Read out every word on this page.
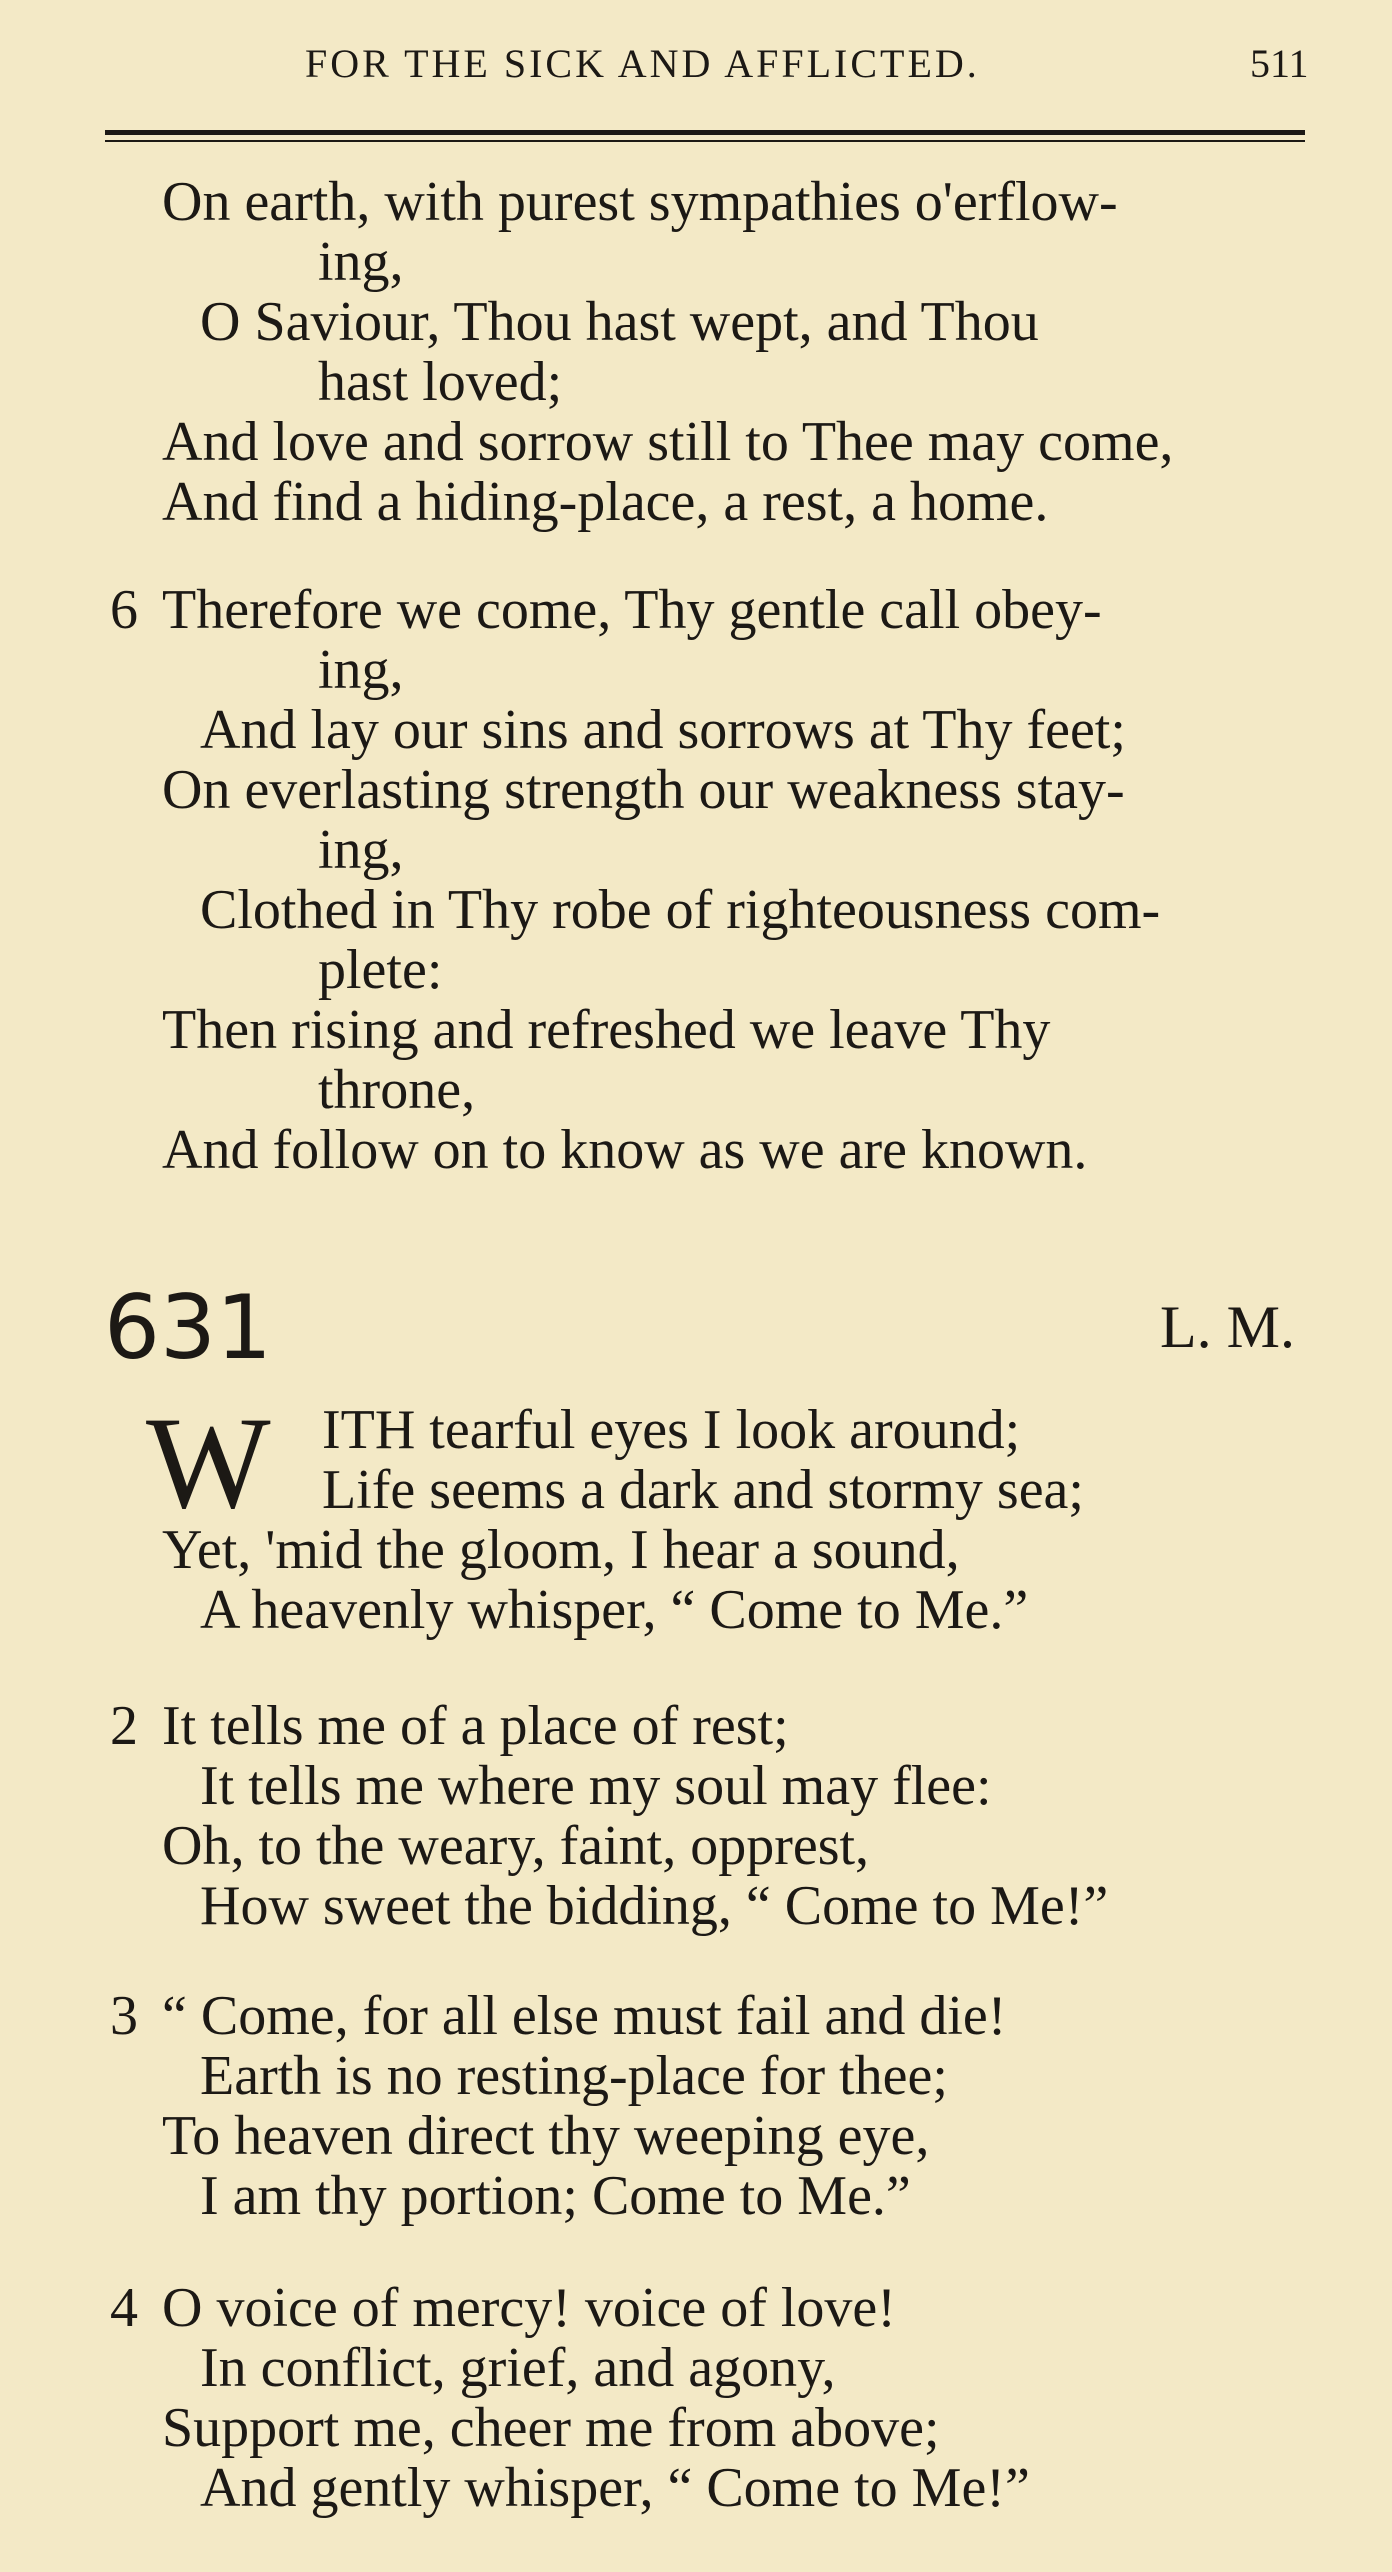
FOR THE SICK AND AFFLICTED.	511
On earth, with purest sympathies o'erflow-
ing,
O Saviour, Thou hast wept, and Thou
hast loved;
And love and sorrow still to Thee may come,
And find a hiding-place, a rest, a home.
6 Therefore we come, Thy gentle call obey-
ing,
And lay our sins and sorrows at Thy feet;
On everlasting strength our weakness stay-
ing,
Clothed in Thy robe of righteousness com-
plete:
Then rising and refreshed we leave Thy
throne,
And follow on to know as we are known.
631	L. M.
W ITH tearful eyes I look around;
Life seems a dark and stormy sea;
Yet, 'mid the gloom, I hear a sound,
A heavenly whisper, “ Come to Me.”
2 It tells me of a place of rest;
It tells me where my soul may flee:
Oh, to the weary, faint, opprest,
How sweet the bidding, “ Come to Me!”
3 “ Come, for all else must fail and die!
Earth is no resting-place for thee;
To heaven direct thy weeping eye,
I am thy portion; Come to Me.”
4 O voice of mercy! voice of love!
In conflict, grief, and agony,
Support me, cheer me from above;
And gently whisper, “ Come to Me!”
